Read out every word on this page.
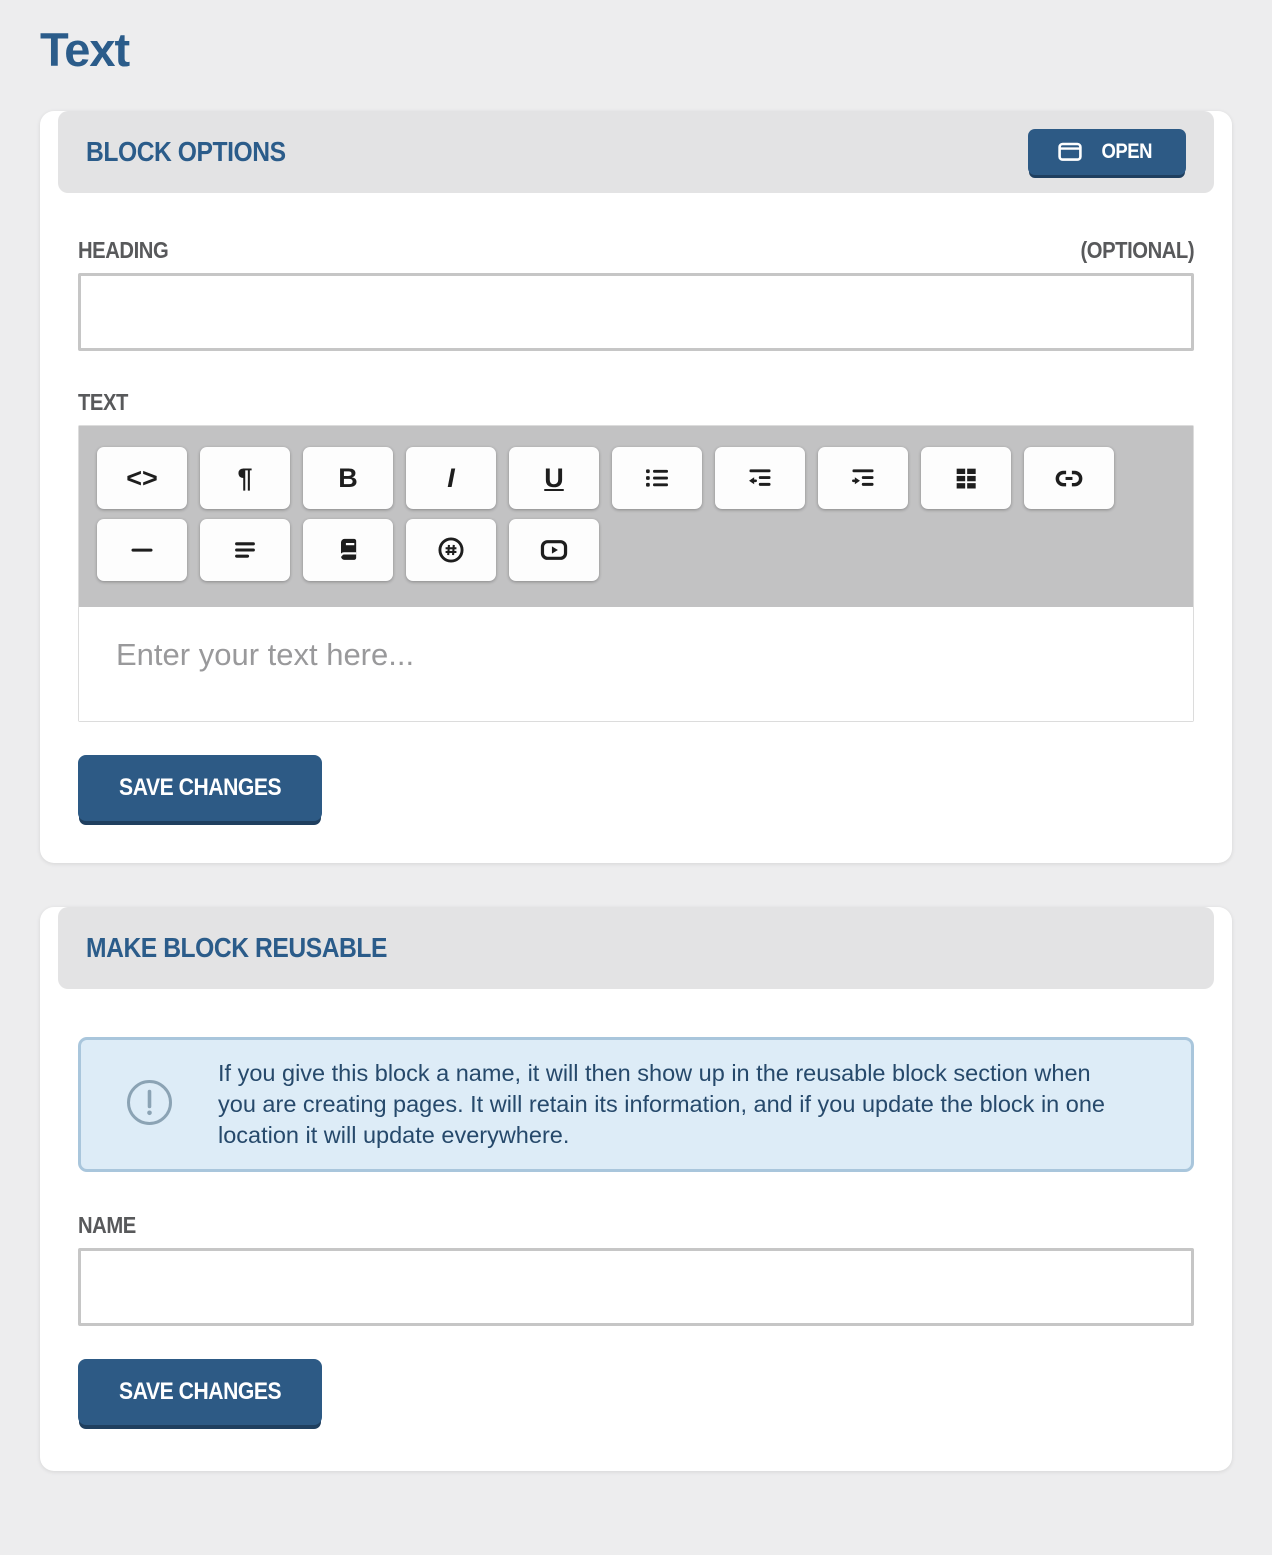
Text
BLOCK OPTIONS	OPEN
HEADING	(OPTIONAL)
TEXT
<>	¶	B	I	U
Enter your text here...
SAVE CHANGES
MAKE BLOCK REUSABLE
If you give this block a name, it will then show up in the reusable block section when you are creating pages. It will retain its information, and if you update the block in one location it will update everywhere.
NAME
SAVE CHANGES
